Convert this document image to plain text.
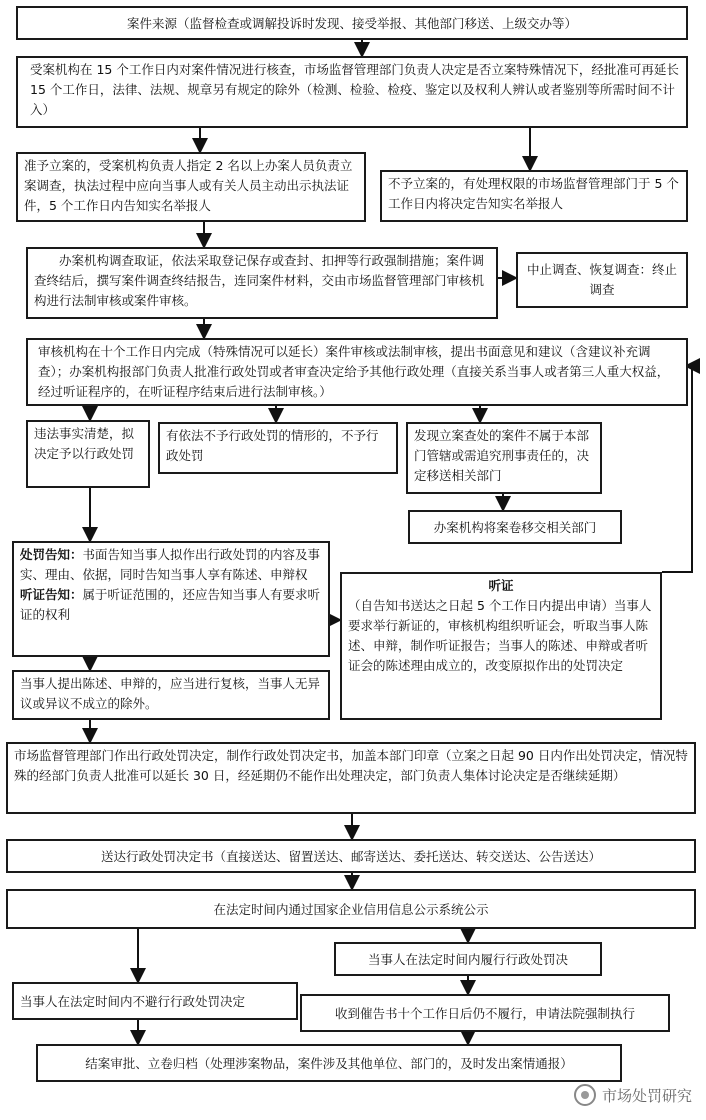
案件来源（监督检查或调解投诉时发现、接受举报、其他部门移送、上级交办等）
受案机构在 15 个工作日内对案件情况进行核查，市场监督管理部门负责人决定是否立案特殊情况下，经批准可再延长 15 个工作日，法律、法规、规章另有规定的除外（检测、检验、检疫、鉴定以及权利人辨认或者鉴别等所需时间不计入）
准予立案的，受案机构负责人指定 2 名以上办案人员负责立案调查，执法过程中应向当事人或有关人员主动出示执法证件，5 个工作日内告知实名举报人
不予立案的，有处理权限的市场监督管理部门于 5 个工作日内将决定告知实名举报人
办案机构调查取证，依法采取登记保存或查封、扣押等行政强制措施；案件调查终结后，撰写案件调查终结报告，连同案件材料，交由市场监督管理部门审核机构进行法制审核或案件审核。
中止调查、恢复调查：终止调查
审核机构在十个工作日内完成（特殊情况可以延长）案件审核或法制审核，提出书面意见和建议（含建议补充调查）；办案机构报部门负责人批准行政处罚或者审查决定给予其他行政处理（直接关系当事人或者第三人重大权益，经过听证程序的，在听证程序结束后进行法制审核。）
违法事实清楚，拟决定予以行政处罚
有依法不予行政处罚的情形的，不予行政处罚
发现立案查处的案件不属于本部门管辖或需追究刑事责任的，决定移送相关部门
办案机构将案卷移交相关部门
处罚告知：书面告知当事人拟作出行政处罚的内容及事实、理由、依据，同时告知当事人享有陈述、申辩权
听证告知：属于听证范围的，还应告知当事人有要求听证的权利
听证
（自告知书送达之日起 5 个工作日内提出申请）当事人要求举行新证的，审核机构组织听证会，听取当事人陈述、申辩，制作听证报告；当事人的陈述、申辩或者听证会的陈述理由成立的，改变原拟作出的处罚决定
当事人提出陈述、申辩的，应当进行复核，当事人无异议或异议不成立的除外。
市场监督管理部门作出行政处罚决定，制作行政处罚决定书，加盖本部门印章（立案之日起 90 日内作出处罚决定，情况特殊的经部门负责人批准可以延长 30 日，经延期仍不能作出处理决定，部门负责人集体讨论决定是否继续延期）
送达行政处罚决定书（直接送达、留置送达、邮寄送达、委托送达、转交送达、公告送达）
在法定时间内通过国家企业信用信息公示系统公示
当事人在法定时间内履行行政处罚决
当事人在法定时间内不避行行政处罚决定
收到催告书十个工作日后仍不履行，申请法院强制执行
结案审批、立卷归档（处理涉案物品，案件涉及其他单位、部门的，及时发出案情通报）
市场处罚研究
